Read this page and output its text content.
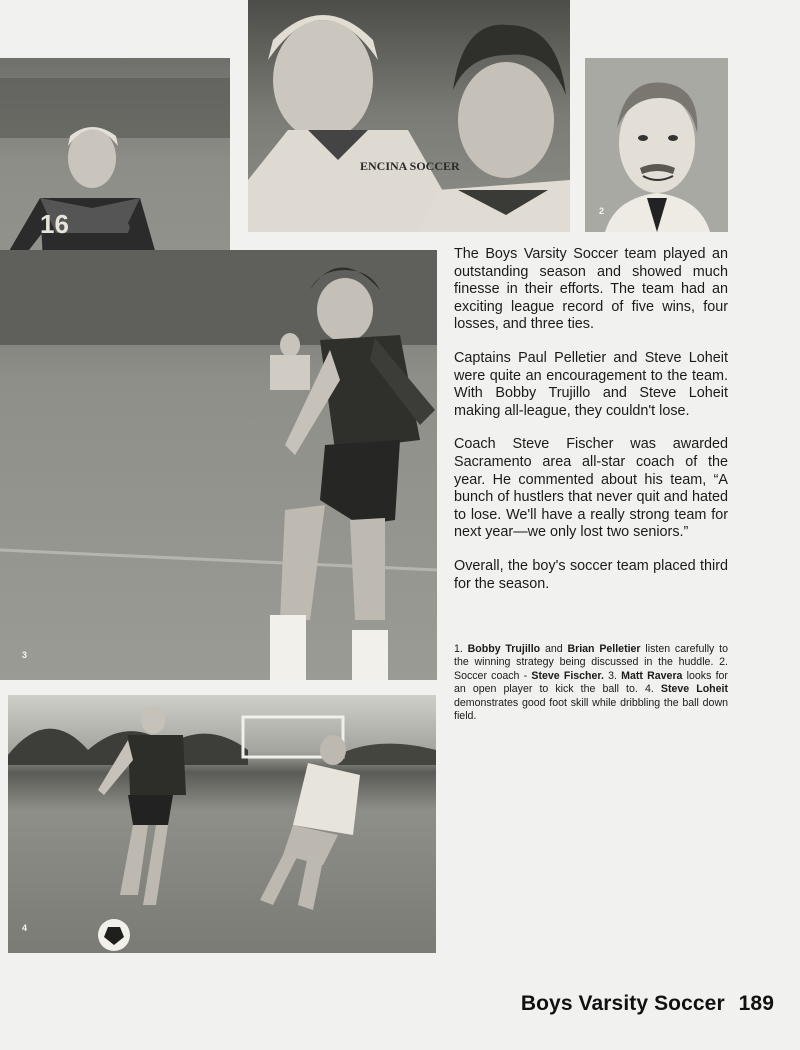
16
ENCINA SOCCER
2
3
4

The Boys Varsity Soccer team played an outstanding season and showed much finesse in their efforts. The team had an exciting league record of five wins, four losses, and three ties.

Captains Paul Pelletier and Steve Loheit were quite an encouragement to the team. With Bobby Trujillo and Steve Loheit making all-league, they couldn't lose.

Coach Steve Fischer was awarded Sacramento area all-star coach of the year. He commented about his team, “A bunch of hustlers that never quit and hated to lose. We'll have a really strong team for next year—we only lost two seniors.”

Overall, the boy's soccer team placed third for the season.

1. Bobby Trujillo and Brian Pelletier listen carefully to the winning strategy being discussed in the huddle. 2. Soccer coach - Steve Fischer. 3. Matt Ravera looks for an open player to kick the ball to. 4. Steve Loheit demonstrates good foot skill while dribbling the ball down field.
Boys Varsity Soccer 189
